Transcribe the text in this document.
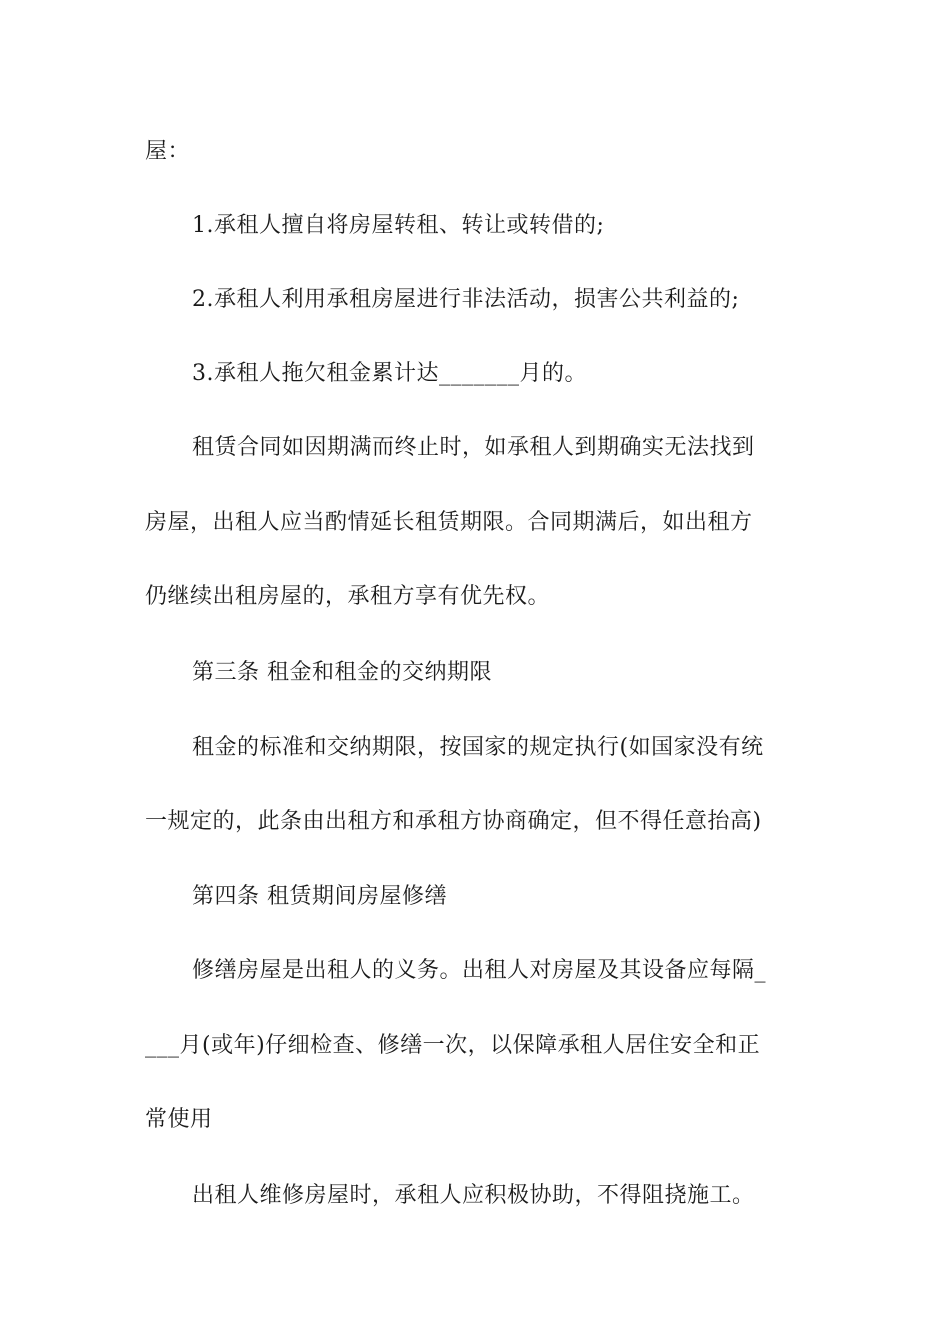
屋：
1.承租人擅自将房屋转租、转让或转借的;
2.承租人利用承租房屋进行非法活动，损害公共利益的;
3.承租人拖欠租金累计达_______月的。
租赁合同如因期满而终止时，如承租人到期确实无法找到
房屋，出租人应当酌情延长租赁期限。合同期满后，如出租方
仍继续出租房屋的，承租方享有优先权。
第三条 租金和租金的交纳期限
租金的标准和交纳期限，按国家的规定执行(如国家没有统
一规定的，此条由出租方和承租方协商确定，但不得任意抬高)
第四条 租赁期间房屋修缮
修缮房屋是出租人的义务。出租人对房屋及其设备应每隔_
___月(或年)仔细检查、修缮一次，以保障承租人居住安全和正
常使用
出租人维修房屋时，承租人应积极协助，不得阻挠施工。
